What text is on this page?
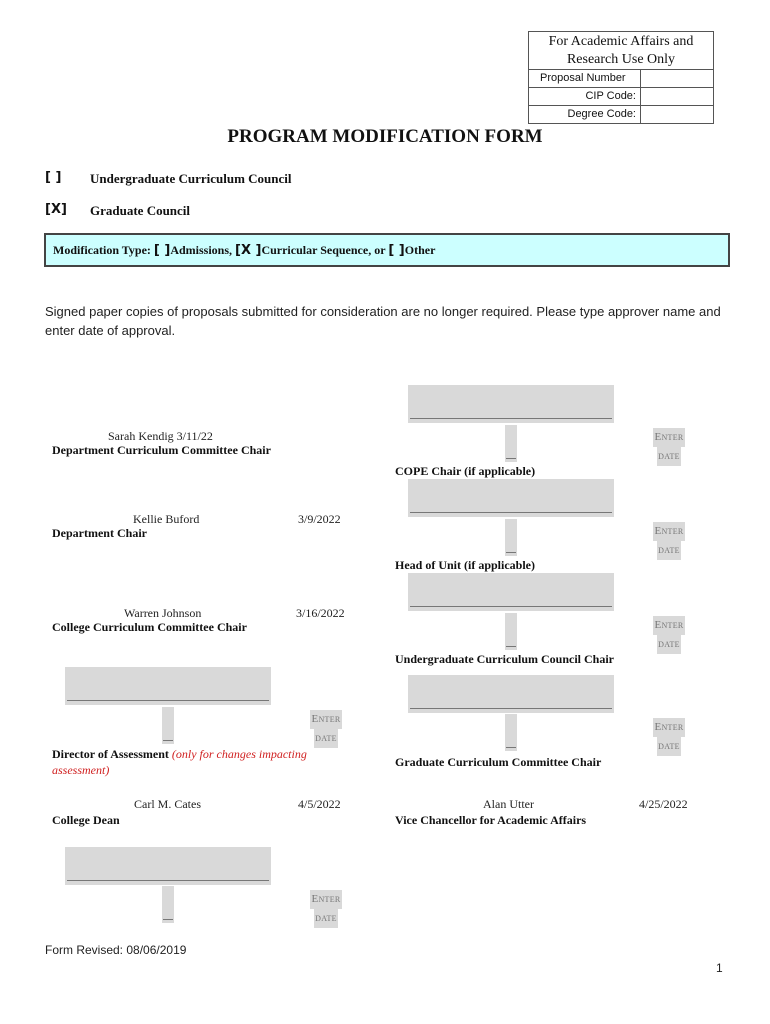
For Academic Affairs and Research Use Only
Proposal Number
CIP Code:
Degree Code:
PROGRAM MODIFICATION FORM
[ ] Undergraduate Curriculum Council
[X] Graduate Council
Modification Type: [ ]Admissions, [X ]Curricular Sequence, or [ ]Other
Signed paper copies of proposals submitted for consideration are no longer required. Please type approver name and enter date of approval.
Sarah Kendig 3/11/22
Department Curriculum Committee Chair
Kellie Buford	3/9/2022
Department Chair
Warren Johnson	3/16/2022
College Curriculum Committee Chair
Enter
date
Director of Assessment (only for changes impacting assessment)
Carl M. Cates	4/5/2022
College Dean
Enter
date
Enter
date
COPE Chair (if applicable)
Enter
date
Head of Unit (if applicable)
Enter
date
Undergraduate Curriculum Council Chair
Enter
date
Graduate Curriculum Committee Chair
Alan Utter	4/25/2022
Vice Chancellor for Academic Affairs
Form Revised: 08/06/2019
1
